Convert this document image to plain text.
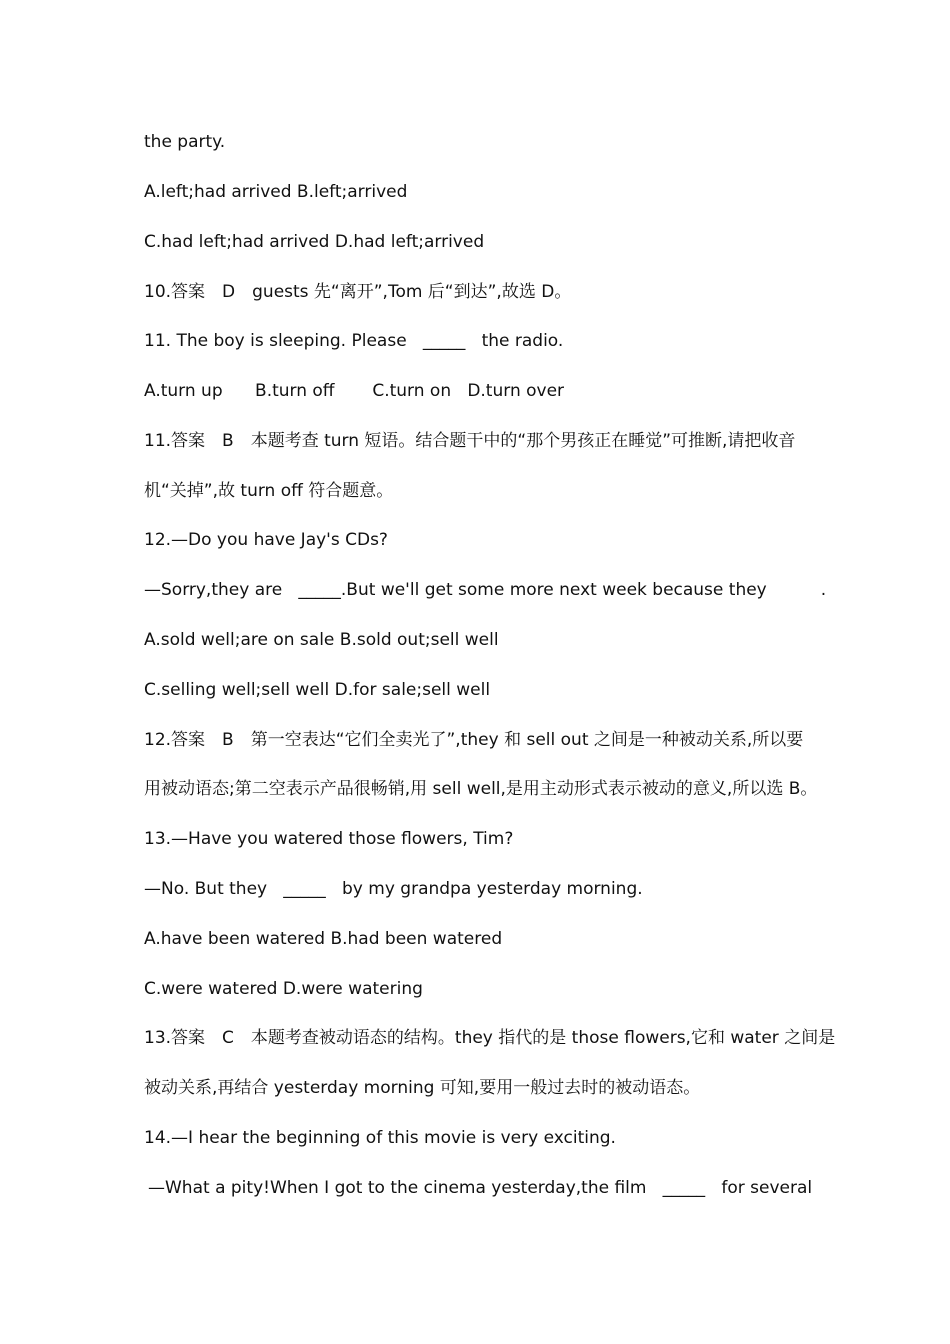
the party.
A.left;had arrived B.left;arrived
C.had left;had arrived D.had left;arrived
10.答案　D　guests 先“离开”,Tom 后“到达”,故选 D。
11. The boy is sleeping. Please   _____   the radio.
A.turn up      B.turn off       C.turn on   D.turn over
11.答案　B　本题考查 turn 短语。结合题干中的“那个男孩正在睡觉”可推断,请把收音
机“关掉”,故 turn off 符合题意。
12.—Do you have Jay's CDs?
—Sorry,they are   _____.But we'll get some more next week because they          .
A.sold well;are on sale B.sold out;sell well
C.selling well;sell well D.for sale;sell well
12.答案　B　第一空表达“它们全卖光了”,they 和 sell out 之间是一种被动关系,所以要
用被动语态;第二空表示产品很畅销,用 sell well,是用主动形式表示被动的意义,所以选 B。
13.—Have you watered those flowers, Tim?
—No. But they   _____   by my grandpa yesterday morning.
A.have been watered B.had been watered
C.were watered D.were watering
13.答案　C　本题考查被动语态的结构。they 指代的是 those flowers,它和 water 之间是
被动关系,再结合 yesterday morning 可知,要用一般过去时的被动语态。
14.—I hear the beginning of this movie is very exciting.
—What a pity!When I got to the cinema yesterday,the film   _____   for several
